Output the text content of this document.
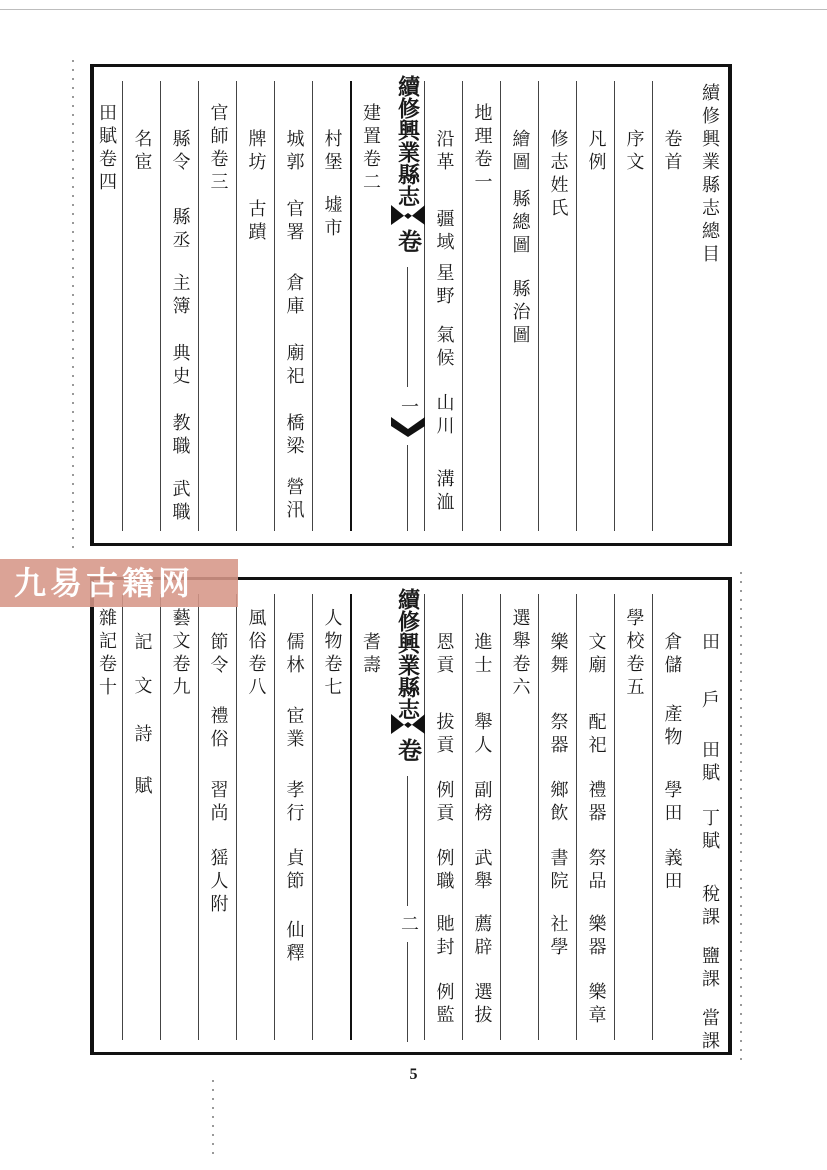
續修興業縣志總目
卷首
序文
凡例
修志姓氏
繪圖
縣總圖
縣治圖
地理卷一
沿革
疆域
星野
氣候
山川
溝洫
續修興業縣志
卷
一
建置卷二
村堡
墟市
城郭
官署
倉庫
廟祀
橋梁
營汛
牌坊
古蹟
官師卷三
縣令
縣丞
主簿
典史
教職
武職
名宦
田賦卷四
田
戶
田賦
丁賦
稅課
鹽課
當課
倉儲
產物
學田
義田
學校卷五
文廟
配祀
禮器
祭品
樂器
樂章
樂舞
祭器
鄉飲
書院
社學
選舉卷六
進士
舉人
副榜
武舉
薦辟
選拔
恩貢
拔貢
例貢
例職
貤封
例監
續修興業縣志
卷
二
耆壽
人物卷七
儒林
宦業
孝行
貞節
仙釋
風俗卷八
節令
禮俗
習尚
猺人附
藝文卷九
記
文
詩
賦
雜記卷十
九易古籍网
5
